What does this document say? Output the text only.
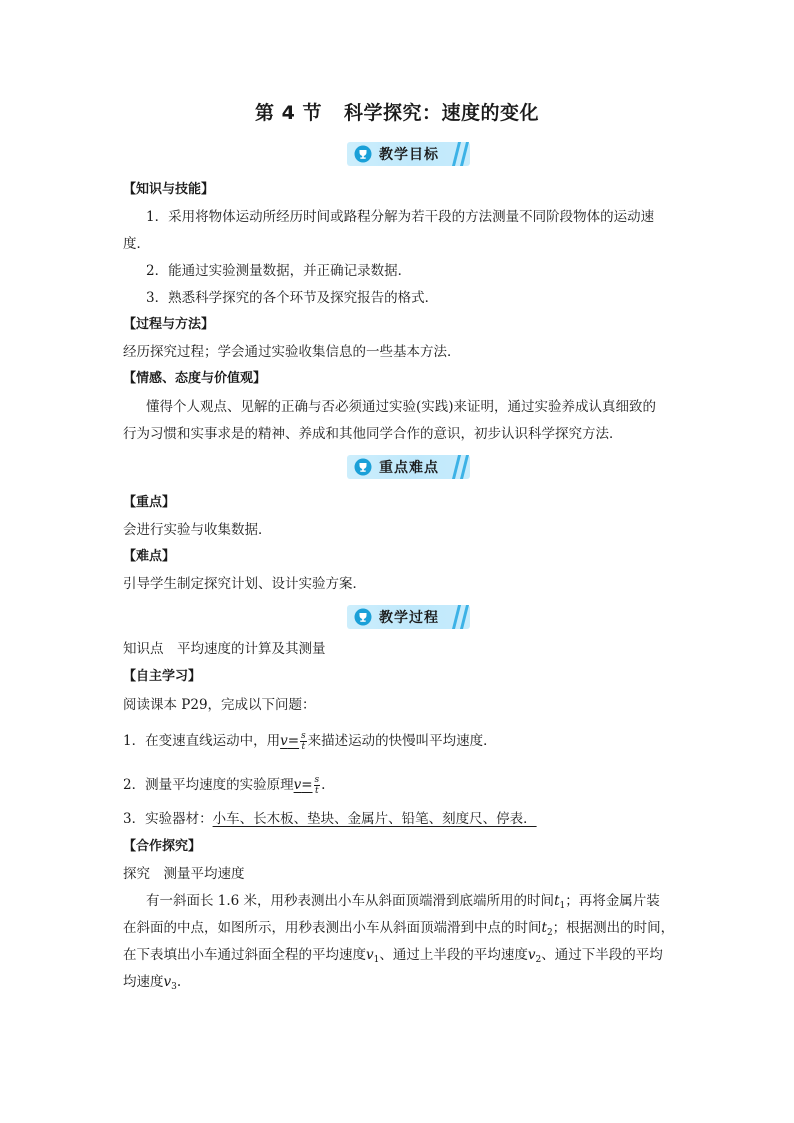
第 4 节 科学探究：速度的变化
教学目标
【知识与技能】
1．采用将物体运动所经历时间或路程分解为若干段的方法测量不同阶段物体的运动速
度．
2．能通过实验测量数据，并正确记录数据．
3．熟悉科学探究的各个环节及探究报告的格式．
【过程与方法】
经历探究过程；学会通过实验收集信息的一些基本方法．
【情感、态度与价值观】
懂得个人观点、见解的正确与否必须通过实验(实践)来证明，通过实验养成认真细致的
行为习惯和实事求是的精神、养成和其他同学合作的意识，初步认识科学探究方法．
重点难点
【重点】
会进行实验与收集数据．
【难点】
引导学生制定探究计划、设计实验方案．
教学过程
知识点　平均速度的计算及其测量
【自主学习】
阅读课本 P29，完成以下问题：
1．在变速直线运动中，用$v= \frac{s}{t}$ 来描述运动的快慢叫平均速度．
2．测量平均速度的实验原理$v= \frac{s}{t}$ .
3．实验器材：小车、长木板、垫块、金属片、铅笔、刻度尺、停表．
【合作探究】
探究　测量平均速度
有一斜面长 1.6 米，用秒表测出小车从斜面顶端滑到底端所用的时间$t_1$；再将金属片装
在斜面的中点，如图所示，用秒表测出小车从斜面顶端滑到中点的时间$t_2$；根据测出的时间，
在下表填出小车通过斜面全程的平均速度$v_1$、通过上半段的平均速度$v_2$、通过下半段的平均
均速度$v_3$.
